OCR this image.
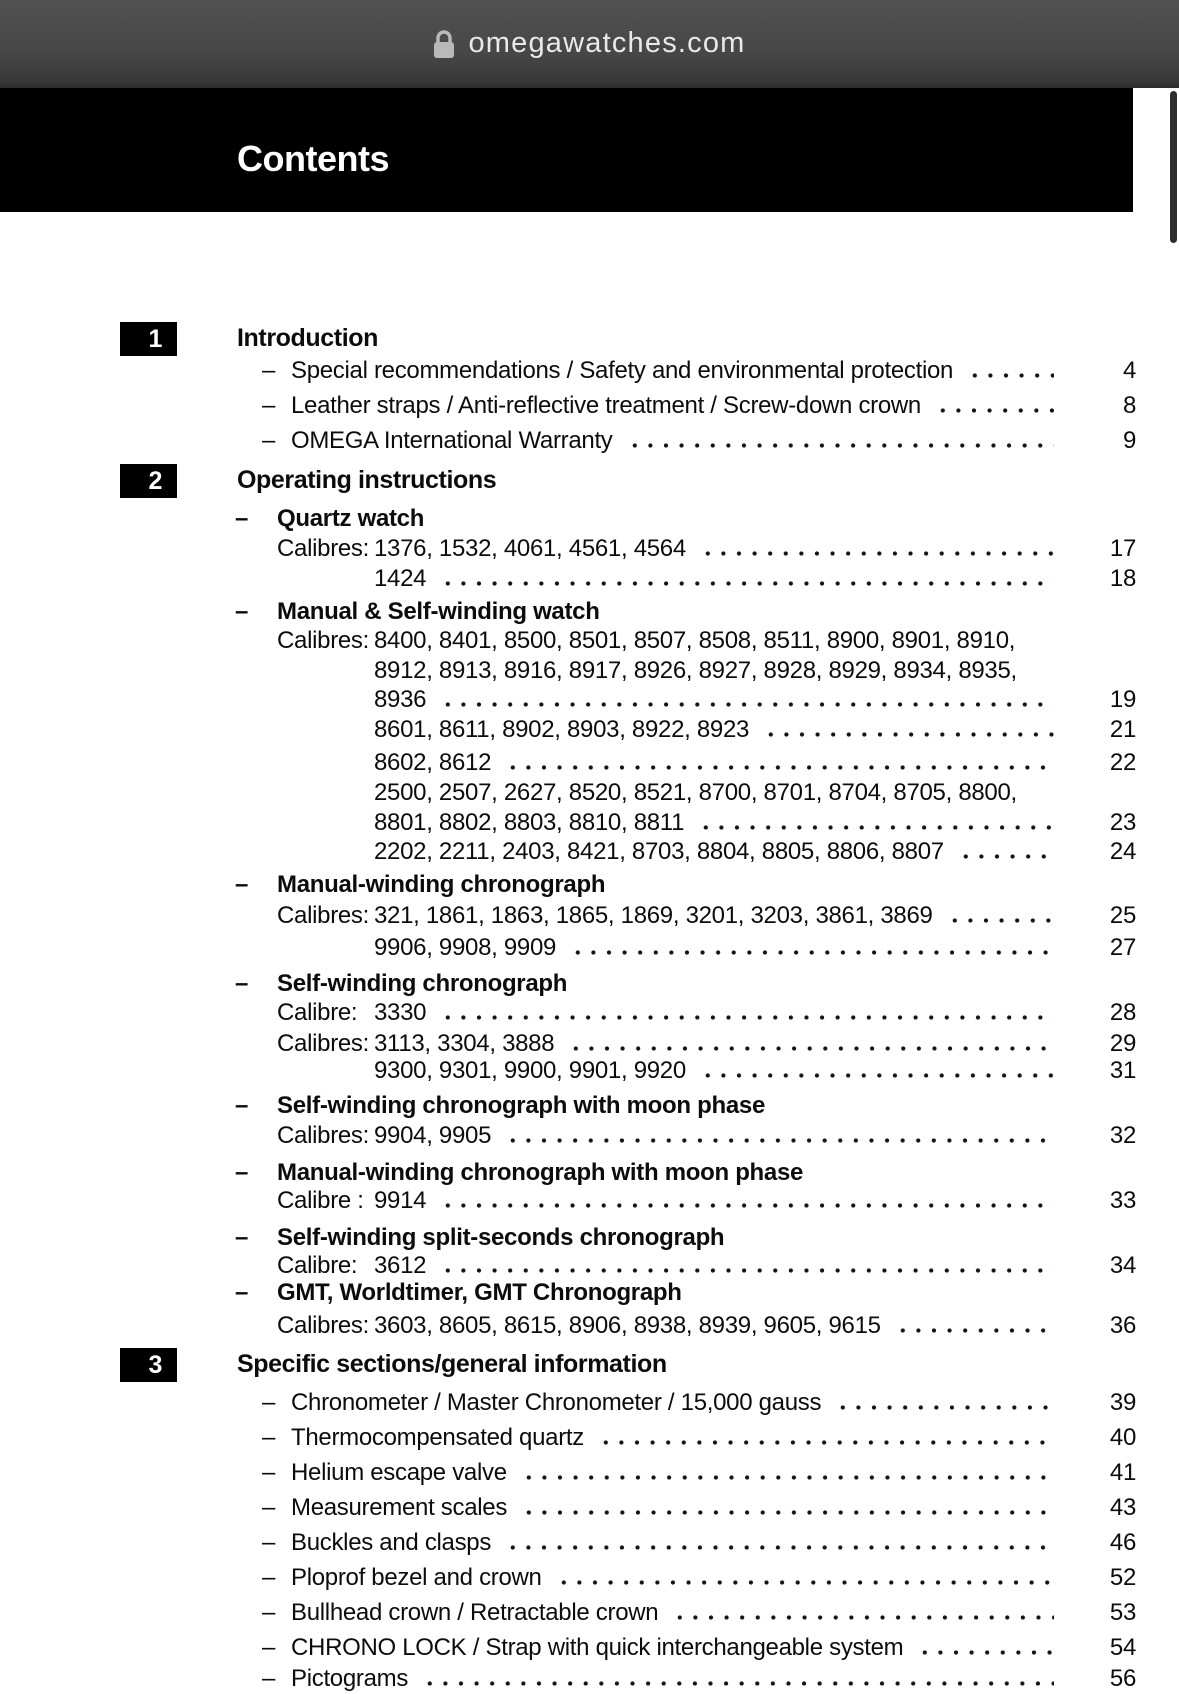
omegawatches.com
Contents
1	Introduction
– Special recommendations / Safety and environmental protection	4
– Leather straps / Anti-reflective treatment / Screw-down crown	8
– OMEGA International Warranty	9
2	Operating instructions
–	Quartz watch
Calibres: 1376, 1532, 4061, 4561, 4564	17
1424	18
–	Manual & Self-winding watch
Calibres: 8400, 8401, 8500, 8501, 8507, 8508, 8511, 8900, 8901, 8910,
8912, 8913, 8916, 8917, 8926, 8927, 8928, 8929, 8934, 8935,
8936	19
8601, 8611, 8902, 8903, 8922, 8923	21
8602, 8612	22
2500, 2507, 2627, 8520, 8521, 8700, 8701, 8704, 8705, 8800,
8801, 8802, 8803, 8810, 8811	23
2202, 2211, 2403, 8421, 8703, 8804, 8805, 8806, 8807	24
–	Manual-winding chronograph
Calibres: 321, 1861, 1863, 1865, 1869, 3201, 3203, 3861, 3869	25
9906, 9908, 9909	27
–	Self-winding chronograph
Calibre: 3330	28
Calibres: 3113, 3304, 3888	29
9300, 9301, 9900, 9901, 9920	31
–	Self-winding chronograph with moon phase
Calibres: 9904, 9905	32
–	Manual-winding chronograph with moon phase
Calibre : 9914	33
–	Self-winding split-seconds chronograph
Calibre: 3612	34
–	GMT, Worldtimer, GMT Chronograph
Calibres: 3603, 8605, 8615, 8906, 8938, 8939, 9605, 9615	36
3	Specific sections/general information
– Chronometer / Master Chronometer / 15,000 gauss	39
– Thermocompensated quartz	40
– Helium escape valve	41
– Measurement scales	43
– Buckles and clasps	46
– Ploprof bezel and crown	52
– Bullhead crown / Retractable crown	53
– CHRONO LOCK / Strap with quick interchangeable system	54
– Pictograms	56
